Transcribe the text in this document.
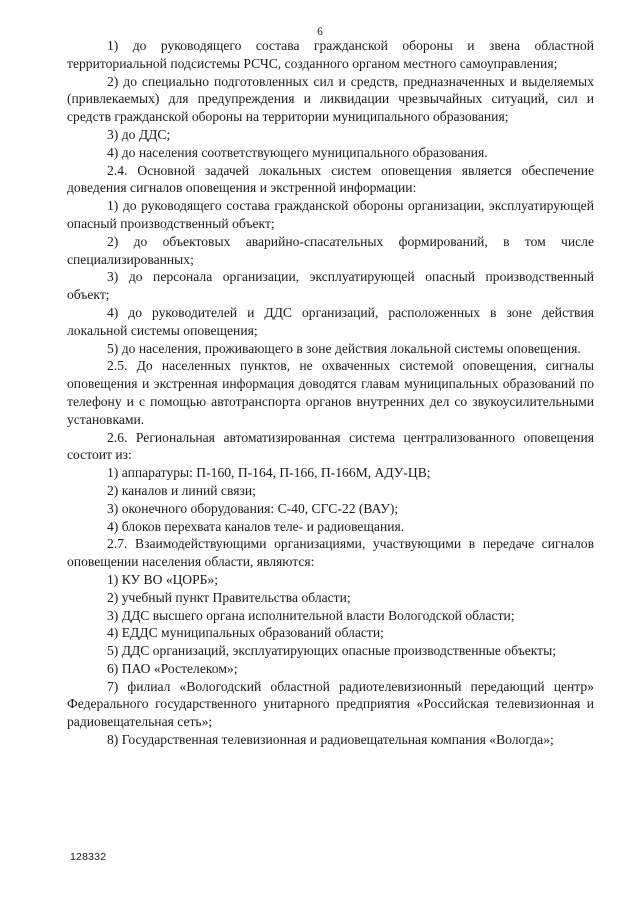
6

1) до руководящего состава гражданской обороны и звена областной территориальной подсистемы РСЧС, созданного органом местного самоуправления;

2) до специально подготовленных сил и средств, предназначенных и выделяемых (привлекаемых) для предупреждения и ликвидации чрезвычайных ситуаций, сил и средств гражданской обороны на территории муниципального образования;

3) до ДДС;

4) до населения соответствующего муниципального образования.

2.4. Основной задачей локальных систем оповещения является обеспечение доведения сигналов оповещения и экстренной информации:

1) до руководящего состава гражданской обороны организации, эксплуатирующей опасный производственный объект;

2) до объектовых аварийно-спасательных формирований, в том числе специализированных;

3) до персонала организации, эксплуатирующей опасный производственный объект;

4) до руководителей и ДДС организаций, расположенных в зоне действия локальной системы оповещения;

5) до населения, проживающего в зоне действия локальной системы оповещения.

2.5. До населенных пунктов, не охваченных системой оповещения, сигналы оповещения и экстренная информация доводятся главам муниципальных образований по телефону и с помощью автотранспорта органов внутренних дел со звукоусилительными установками.

2.6. Региональная автоматизированная система централизованного оповещения состоит из:

1) аппаратуры: П-160, П-164, П-166, П-166М, АДУ-ЦВ;

2) каналов и линий связи;

3) оконечного оборудования: С-40, СГС-22 (ВАУ);

4) блоков перехвата каналов теле- и радиовещания.

2.7. Взаимодействующими организациями, участвующими в передаче сигналов оповещении населения области, являются:

1) КУ ВО «ЦОРБ»;

2) учебный пункт Правительства области;

3) ДДС высшего органа исполнительной власти Вологодской области;

4) ЕДДС муниципальных образований области;

5) ДДС организаций, эксплуатирующих опасные производственные объекты;

6) ПАО «Ростелеком»;

7) филиал «Вологодский областной радиотелевизионный передающий центр» Федерального государственного унитарного предприятия «Российская телевизионная и радиовещательная сеть»;

8) Государственная телевизионная и радиовещательная компания «Вологда»;

128332
